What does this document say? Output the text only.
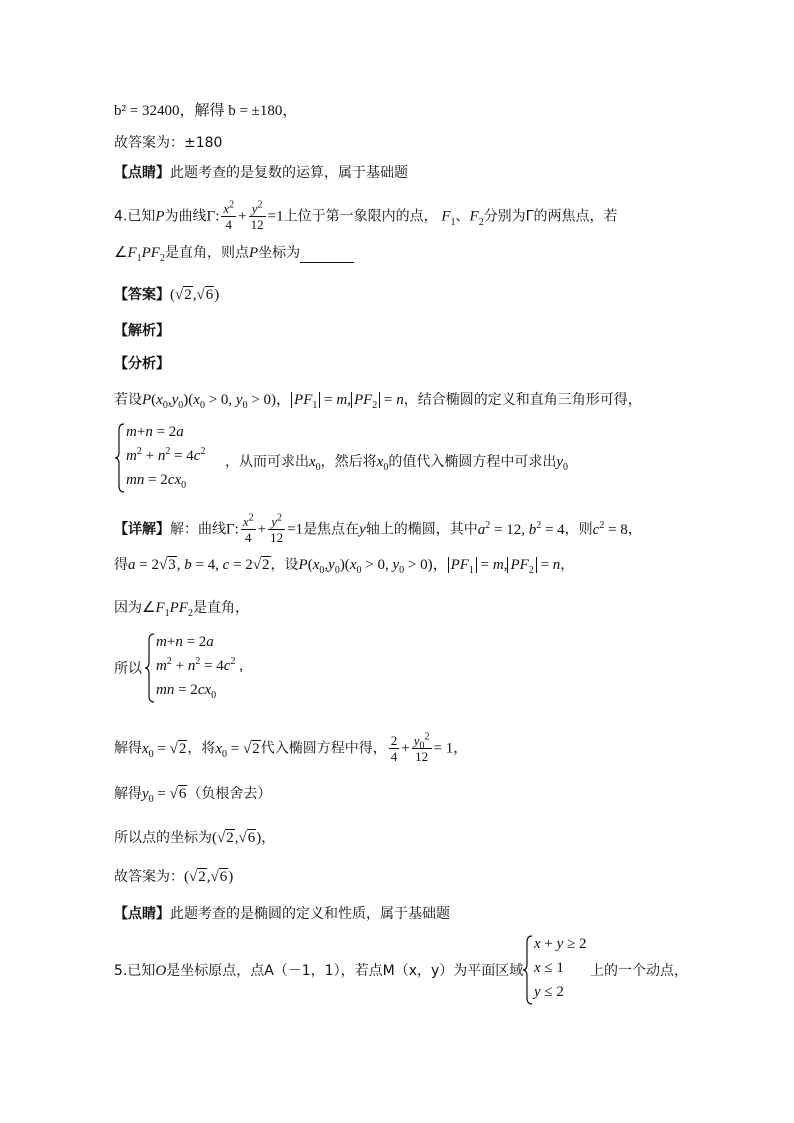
b² = 32400，解得 b = ±180，
故答案为：±180
【点睛】此题考查的是复数的运算，属于基础题
4.已知P为曲线Γ: $\frac{x^2}{4} + \frac{y^2}{12} =1$上位于第一象限内的点， $F_1$、$F_2$分别为Γ的两焦点，若
$\angle F_1PF_2$是直角，则点P坐标为
【答案】(√2,√6)
【解析】
【分析】
若设$P(x_0,y_0)(x_0 > 0$, $y_0 > 0$)， $PF_1 = m$, $PF_2 = n$，结合椭圆的定义和直角三角形可得，
m+n = 2a
$m^2 + n^2 = 4c^2$
mn = $2cx_0$
，从而可求出$x_0$，然后将$x_0$的值代入椭圆方程中可求出$y_0$
【详解】解：曲线Γ: $\frac{x^2}{4} + \frac{y^2}{12} =1$是焦点在y轴上的椭圆，其中$a^2 = 12$, $b^2 = 4$，则$c^2 = 8$，
得a = 2√3, b = 4, c = 2√2，设$P(x_0,y_0)(x_0 > 0$, $y_0 > 0$)， $PF_1 = m$, $PF_2 = n$，
因为$\angle F_1PF_2$是直角，
所以
m+n = 2a
$m^2 + n^2 = 4c^2$ ,
mn = $2cx_0$
解得$x_0 = √2$，将$x_0 = √2$代入椭圆方程中得， $\frac{2}{4} + \frac{y_0^2}{12} = 1$，
解得$y_0 = √6$（负根舍去）
所以点的坐标为(√2,√6)，
故答案为：(√2,√6)
【点睛】此题考查的是椭圆的定义和性质，属于基础题
5.已知O是坐标原点，点A（－1，1），若点M（x，y）为平面区域
x + y ≥ 2
x ≤ 1
y ≤ 2
上的一个动点，
